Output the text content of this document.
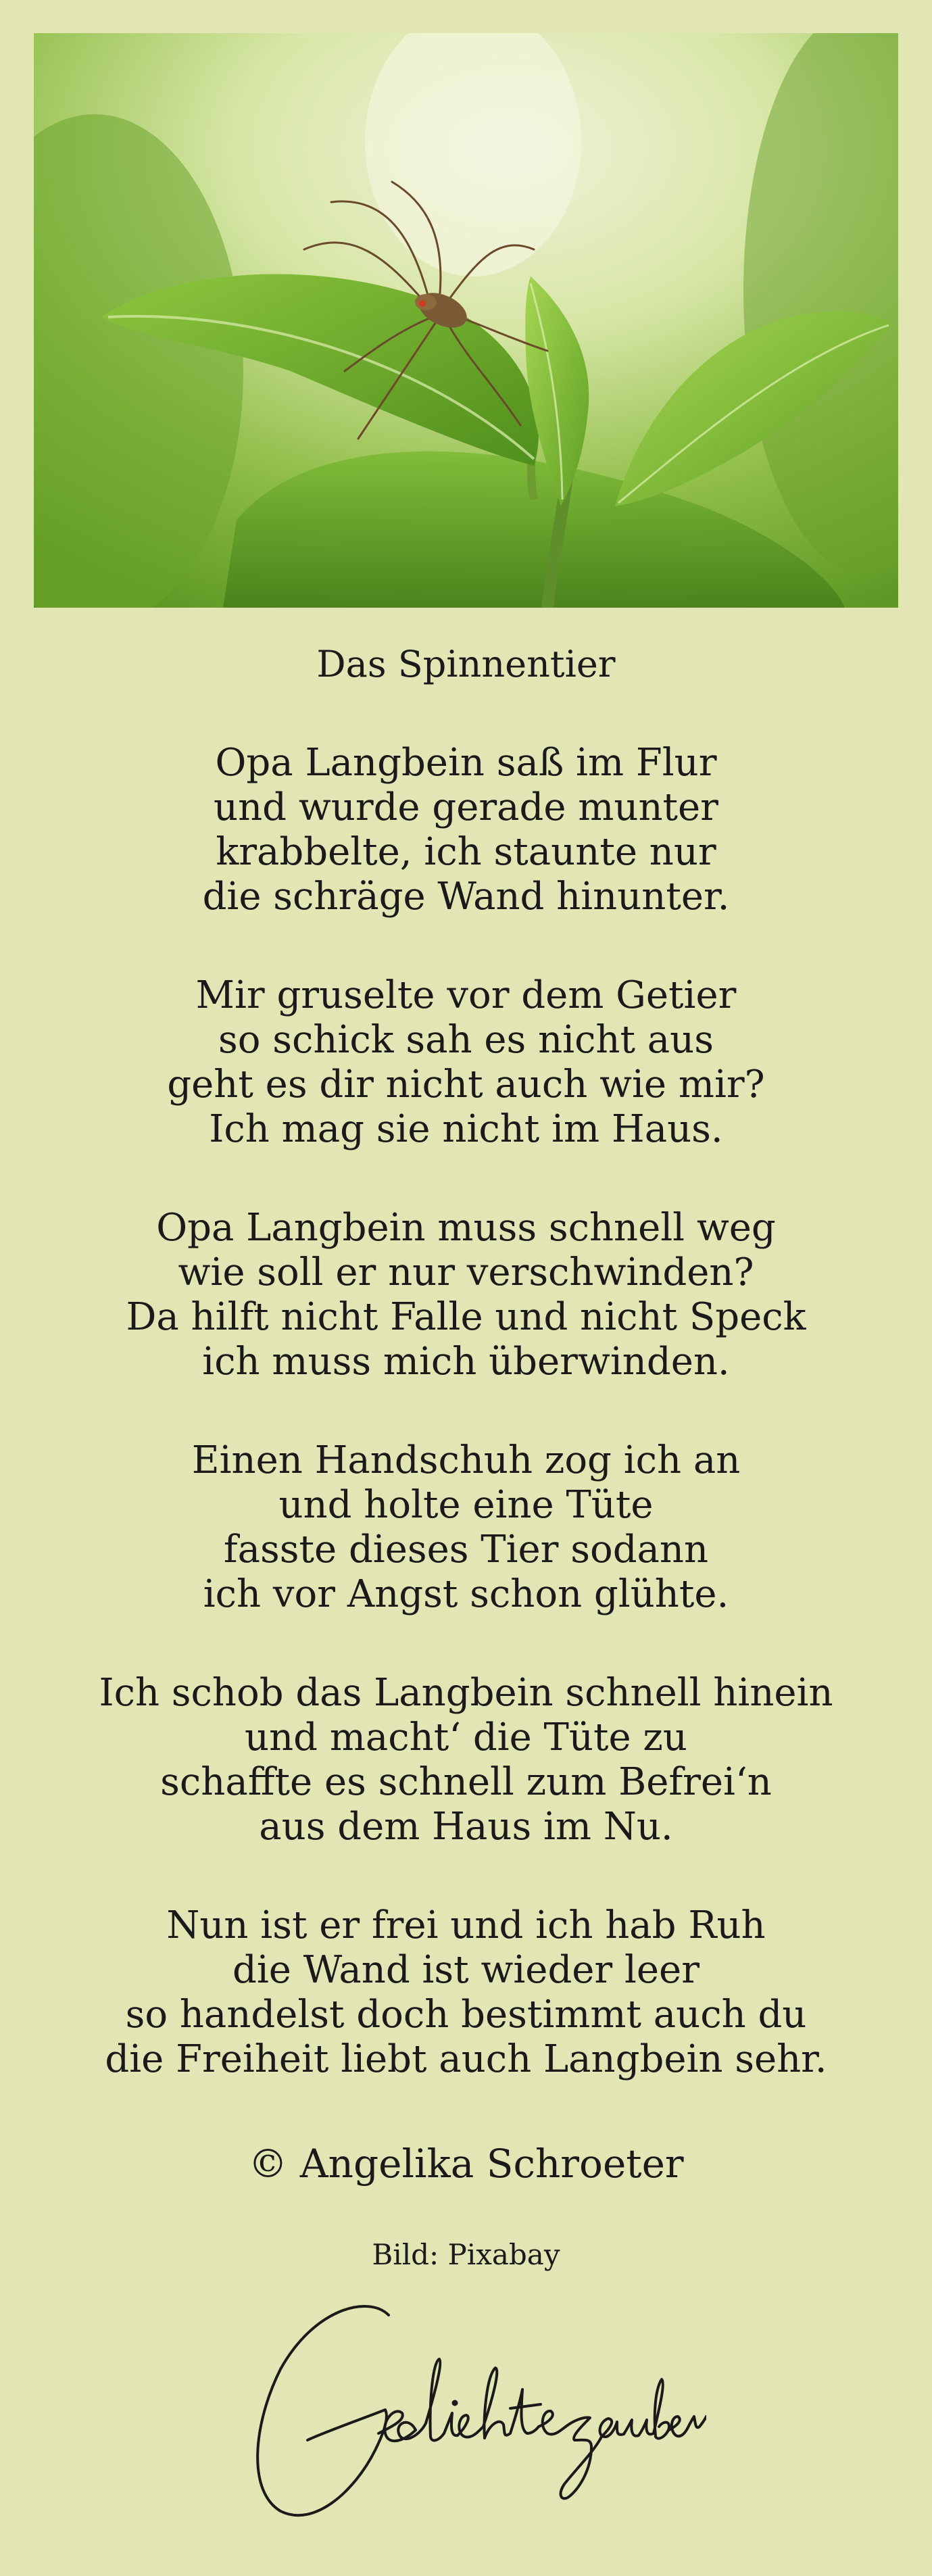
Das Spinnentier
Opa Langbein saß im Flur
und wurde gerade munter
krabbelte, ich staunte nur
die schräge Wand hinunter.
Mir gruselte vor dem Getier
so schick sah es nicht aus
geht es dir nicht auch wie mir?
Ich mag sie nicht im Haus.
Opa Langbein muss schnell weg
wie soll er nur verschwinden?
Da hilft nicht Falle und nicht Speck
ich muss mich überwinden.
Einen Handschuh zog ich an
und holte eine Tüte
fasste dieses Tier sodann
ich vor Angst schon glühte.
Ich schob das Langbein schnell hinein
und macht‘ die Tüte zu
schaffte es schnell zum Befrei‘n
aus dem Haus im Nu.
Nun ist er frei und ich hab Ruh
die Wand ist wieder leer
so handelst doch bestimmt auch du
die Freiheit liebt auch Langbein sehr.
© Angelika Schroeter
Bild: Pixabay
